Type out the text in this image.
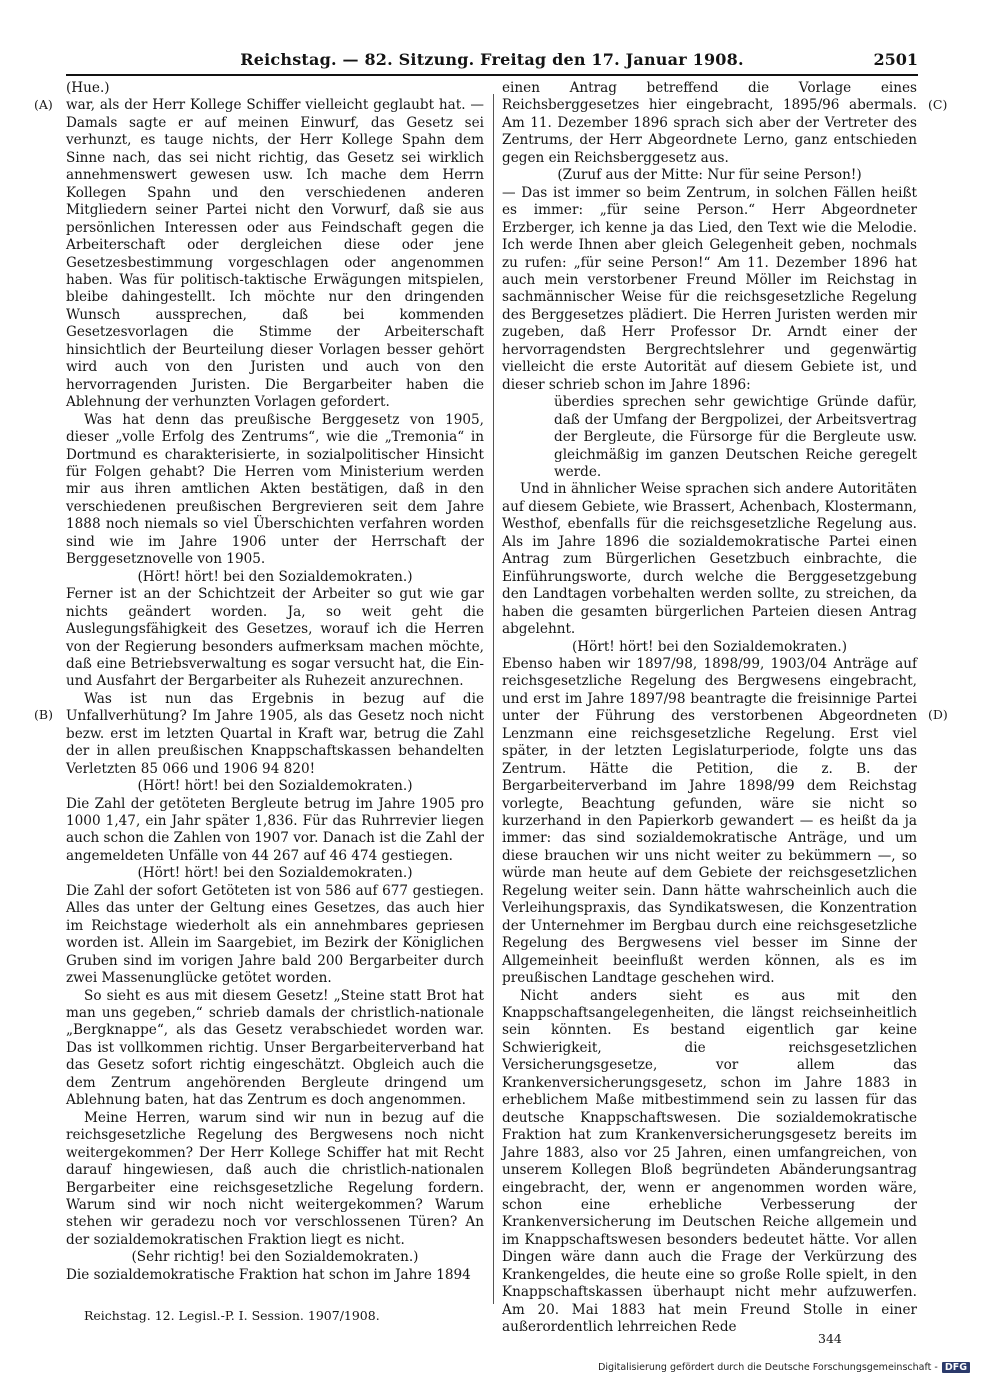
Reichstag. — 82. Sitzung. Freitag den 17. Januar 1908.	2501
(A)
(B)
(C)
(D)

(Hue.)

war, als der Herr Kollege Schiffer vielleicht geglaubt hat. — Damals sagte er auf meinen Einwurf, das Gesetz sei verhunzt, es tauge nichts, der Herr Kollege Spahn dem Sinne nach, das sei nicht richtig, das Gesetz sei wirklich annehmenswert gewesen usw. Ich mache dem Herrn Kollegen Spahn und den verschiedenen anderen Mitgliedern seiner Partei nicht den Vorwurf, daß sie aus persönlichen Interessen oder aus Feindschaft gegen die Arbeiterschaft oder dergleichen diese oder jene Gesetzesbestimmung vorgeschlagen oder angenommen haben. Was für politisch-taktische Erwägungen mitspielen, bleibe dahingestellt. Ich möchte nur den dringenden Wunsch aussprechen, daß bei kommenden Gesetzesvorlagen die Stimme der Arbeiterschaft hinsichtlich der Beurteilung dieser Vorlagen besser gehört wird auch von den Juristen und auch von den hervorragenden Juristen. Die Bergarbeiter haben die Ablehnung der verhunzten Vorlagen gefordert.

Was hat denn das preußische Berggesetz von 1905, dieser „volle Erfolg des Zentrums“, wie die „Tremonia“ in Dortmund es charakterisierte, in sozialpolitischer Hinsicht für Folgen gehabt? Die Herren vom Ministerium werden mir aus ihren amtlichen Akten bestätigen, daß in den verschiedenen preußischen Bergrevieren seit dem Jahre 1888 noch niemals so viel Überschichten verfahren worden sind wie im Jahre 1906 unter der Herrschaft der Berggesetznovelle von 1905.

(Hört! hört! bei den Sozialdemokraten.)

Ferner ist an der Schichtzeit der Arbeiter so gut wie gar nichts geändert worden. Ja, so weit geht die Auslegungsfähigkeit des Gesetzes, worauf ich die Herren von der Regierung besonders aufmerksam machen möchte, daß eine Betriebsverwaltung es sogar versucht hat, die Ein- und Ausfahrt der Bergarbeiter als Ruhezeit anzurechnen.

Was ist nun das Ergebnis in bezug auf die Unfallverhütung? Im Jahre 1905, als das Gesetz noch nicht bezw. erst im letzten Quartal in Kraft war, betrug die Zahl der in allen preußischen Knappschaftskassen behandelten Verletzten 85 066 und 1906 94 820!

(Hört! hört! bei den Sozialdemokraten.)

Die Zahl der getöteten Bergleute betrug im Jahre 1905 pro 1000 1,47, ein Jahr später 1,836. Für das Ruhrrevier liegen auch schon die Zahlen von 1907 vor. Danach ist die Zahl der angemeldeten Unfälle von 44 267 auf 46 474 gestiegen.

(Hört! hört! bei den Sozialdemokraten.)

Die Zahl der sofort Getöteten ist von 586 auf 677 gestiegen. Alles das unter der Geltung eines Gesetzes, das auch hier im Reichstage wiederholt als ein annehmbares gepriesen worden ist. Allein im Saargebiet, im Bezirk der Königlichen Gruben sind im vorigen Jahre bald 200 Bergarbeiter durch zwei Massenunglücke getötet worden.

So sieht es aus mit diesem Gesetz! „Steine statt Brot hat man uns gegeben,“ schrieb damals der christlich-nationale „Bergknappe“, als das Gesetz verabschiedet worden war. Das ist vollkommen richtig. Unser Bergarbeiterverband hat das Gesetz sofort richtig eingeschätzt. Obgleich auch die dem Zentrum angehörenden Bergleute dringend um Ablehnung baten, hat das Zentrum es doch angenommen.

Meine Herren, warum sind wir nun in bezug auf die reichsgesetzliche Regelung des Bergwesens noch nicht weitergekommen? Der Herr Kollege Schiffer hat mit Recht darauf hingewiesen, daß auch die christlich-nationalen Bergarbeiter eine reichsgesetzliche Regelung fordern. Warum sind wir noch nicht weitergekommen? Warum stehen wir geradezu noch vor verschlossenen Türen? An der sozialdemokratischen Fraktion liegt es nicht.

(Sehr richtig! bei den Sozialdemokraten.)

Die sozialdemokratische Fraktion hat schon im Jahre 1894

einen Antrag betreffend die Vorlage eines Reichsberggesetzes hier eingebracht, 1895/96 abermals. Am 11. Dezember 1896 sprach sich aber der Vertreter des Zentrums, der Herr Abgeordnete Lerno, ganz entschieden gegen ein Reichsberggesetz aus.

(Zuruf aus der Mitte: Nur für seine Person!)

— Das ist immer so beim Zentrum, in solchen Fällen heißt es immer: „für seine Person.“ Herr Abgeordneter Erzberger, ich kenne ja das Lied, den Text wie die Melodie. Ich werde Ihnen aber gleich Gelegenheit geben, nochmals zu rufen: „für seine Person!“ Am 11. Dezember 1896 hat auch mein verstorbener Freund Möller im Reichstag in sachmännischer Weise für die reichsgesetzliche Regelung des Berggesetzes plädiert. Die Herren Juristen werden mir zugeben, daß Herr Professor Dr. Arndt einer der hervorragendsten Bergrechtslehrer und gegenwärtig vielleicht die erste Autorität auf diesem Gebiete ist, und dieser schrieb schon im Jahre 1896:

überdies sprechen sehr gewichtige Gründe dafür, daß der Umfang der Bergpolizei, der Arbeitsvertrag der Bergleute, die Fürsorge für die Bergleute usw. gleichmäßig im ganzen Deutschen Reiche geregelt werde.

Und in ähnlicher Weise sprachen sich andere Autoritäten auf diesem Gebiete, wie Brassert, Achenbach, Klostermann, Westhof, ebenfalls für die reichsgesetzliche Regelung aus. Als im Jahre 1896 die sozialdemokratische Partei einen Antrag zum Bürgerlichen Gesetzbuch einbrachte, die Einführungsworte, durch welche die Berggesetzgebung den Landtagen vorbehalten werden sollte, zu streichen, da haben die gesamten bürgerlichen Parteien diesen Antrag abgelehnt.

(Hört! hört! bei den Sozialdemokraten.)

Ebenso haben wir 1897/98, 1898/99, 1903/04 Anträge auf reichsgesetzliche Regelung des Bergwesens eingebracht, und erst im Jahre 1897/98 beantragte die freisinnige Partei unter der Führung des verstorbenen Abgeordneten Lenzmann eine reichsgesetzliche Regelung. Erst viel später, in der letzten Legislaturperiode, folgte uns das Zentrum. Hätte die Petition, die z. B. der Bergarbeiterverband im Jahre 1898/99 dem Reichstag vorlegte, Beachtung gefunden, wäre sie nicht so kurzerhand in den Papierkorb gewandert — es heißt da ja immer: das sind sozialdemokratische Anträge, und um diese brauchen wir uns nicht weiter zu bekümmern —, so würde man heute auf dem Gebiete der reichsgesetzlichen Regelung weiter sein. Dann hätte wahrscheinlich auch die Verleihungspraxis, das Syndikatswesen, die Konzentration der Unternehmer im Bergbau durch eine reichsgesetzliche Regelung des Bergwesens viel besser im Sinne der Allgemeinheit beeinflußt werden können, als es im preußischen Landtage geschehen wird.

Nicht anders sieht es aus mit den Knappschaftsangelegenheiten, die längst reichseinheitlich sein könnten. Es bestand eigentlich gar keine Schwierigkeit, die reichsgesetzlichen Versicherungsgesetze, vor allem das Krankenversicherungsgesetz, schon im Jahre 1883 in erheblichem Maße mitbestimmend sein zu lassen für das deutsche Knappschaftswesen. Die sozialdemokratische Fraktion hat zum Krankenversicherungsgesetz bereits im Jahre 1883, also vor 25 Jahren, einen umfangreichen, von unserem Kollegen Bloß begründeten Abänderungsantrag eingebracht, der, wenn er angenommen worden wäre, schon eine erhebliche Verbesserung der Krankenversicherung im Deutschen Reiche allgemein und im Knappschaftswesen besonders bedeutet hätte. Vor allen Dingen wäre dann auch die Frage der Verkürzung des Krankengeldes, die heute eine so große Rolle spielt, in den Knappschaftskassen überhaupt nicht mehr aufzuwerfen. Am 20. Mai 1883 hat mein Freund Stolle in einer außerordentlich lehrreichen Rede

Reichstag. 12. Legisl.-P. I. Session. 1907/1908.
344
Digitalisierung gefördert durch die Deutsche Forschungsgemeinschaft - DFG
